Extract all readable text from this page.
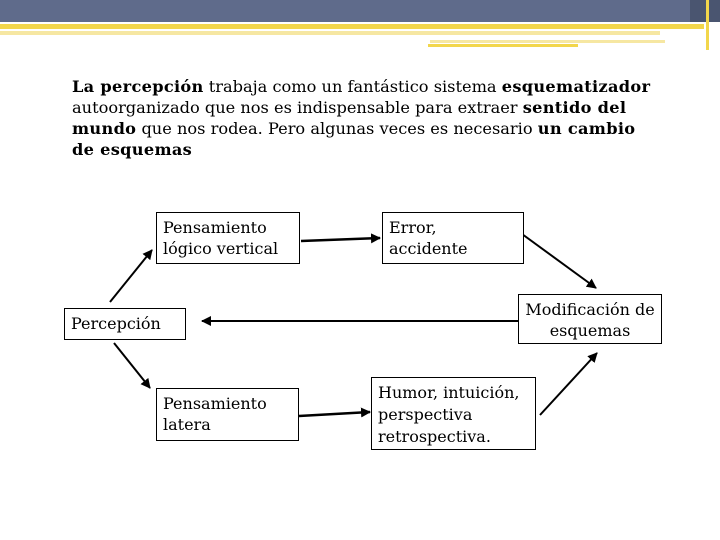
La percepción trabaja como un fantástico sistema esquematizador autoorganizado que nos es indispensable para extraer sentido del mundo que nos rodea. Pero algunas veces es necesario un cambio de esquemas
Pensamiento
lógico vertical
Error, accidente
Modificación de
esquemas
Percepción
Pensamiento
latera
Humor, intuición,
perspectiva
retrospectiva.
